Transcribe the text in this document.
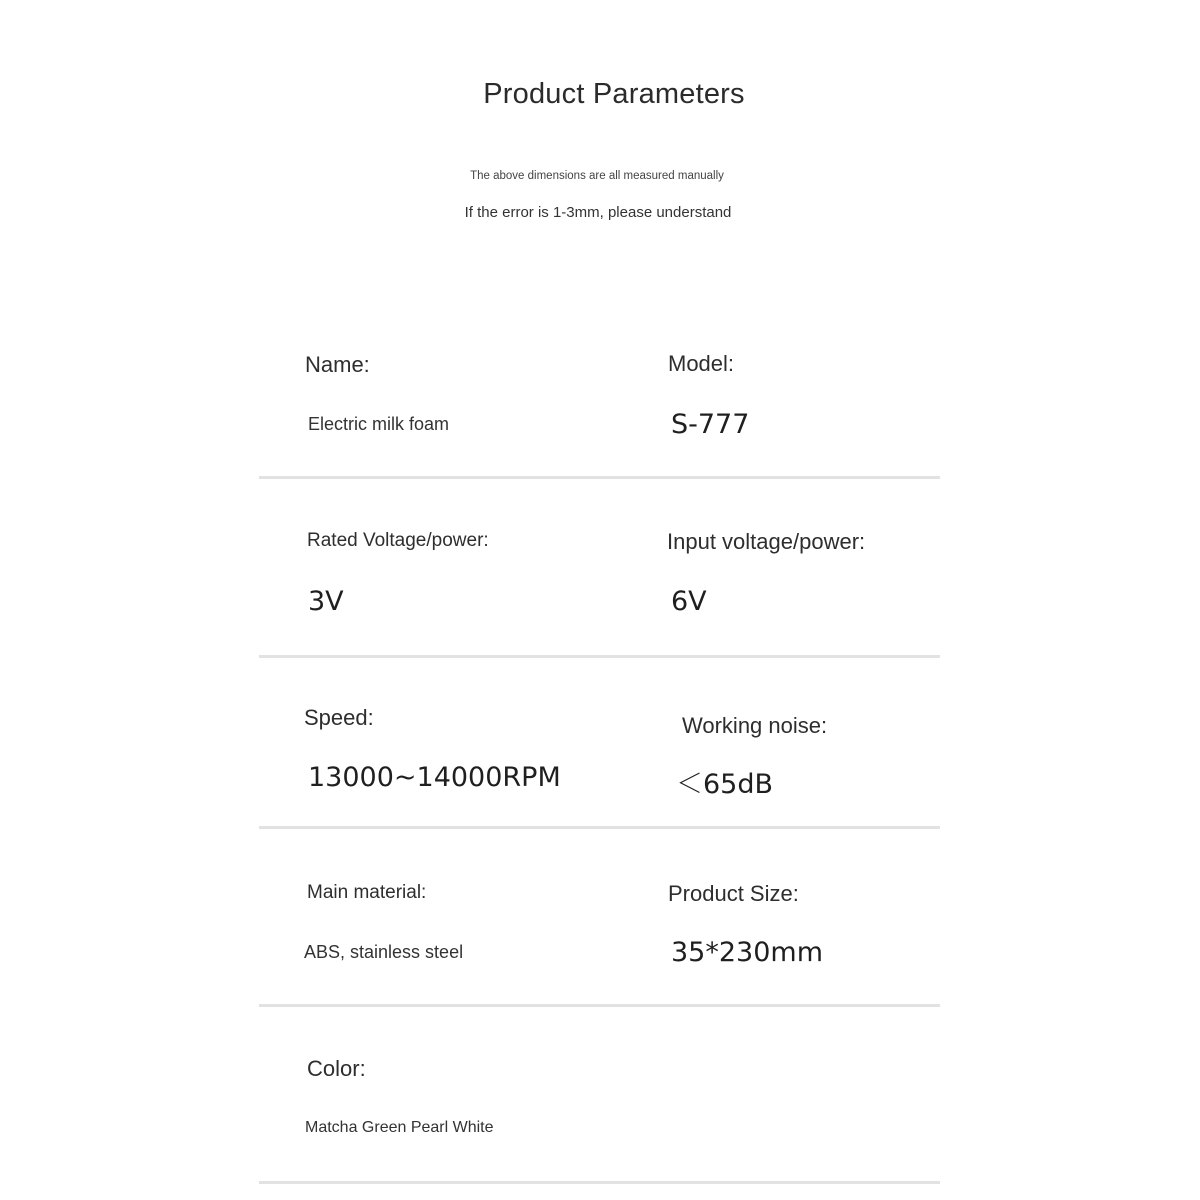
Product Parameters
The above dimensions are all measured manually
If the error is 1-3mm, please understand
Name:
Electric milk foam
Model:
S-777
Rated Voltage/power:
3V
Input voltage/power:
6V
Speed:
13000~14000RPM
Working noise:
＜65dB
Main material:
ABS, stainless steel
Product Size:
35*230mm
Color:
Matcha Green Pearl White
